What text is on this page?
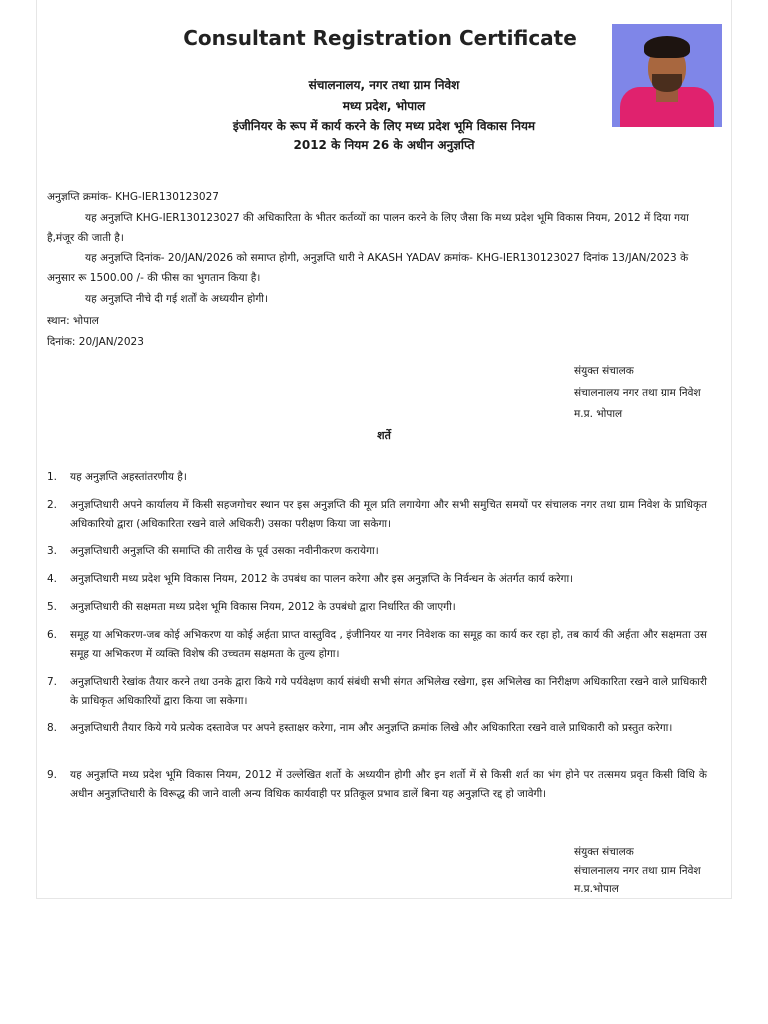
Consultant Registration Certificate
संचालनालय, नगर तथा ग्राम निवेश
मध्य प्रदेश, भोपाल
इंजीनियर के रूप में कार्य करने के लिए मध्य प्रदेश भूमि विकास नियम
2012 के नियम 26 के अधीन अनुज्ञप्ति
अनुज्ञप्ति क्रमांक- KHG-IER130123027
यह अनुज्ञप्ति KHG-IER130123027 की अधिकारिता के भीतर कर्तव्यों का पालन करने के लिए जैसा कि मध्य प्रदेश भूमि विकास नियम, 2012 में दिया गया है,मंजूर की जाती है।
यह अनुज्ञप्ति दिनांक- 20/JAN/2026 को समाप्त होगी, अनुज्ञप्ति धारी ने AKASH YADAV क्रमांक- KHG-IER130123027 दिनांक 13/JAN/2023 के अनुसार रू 1500.00 /- की फीस का भुगतान किया है।
यह अनुज्ञप्ति नीचे दी गई शर्तों के अध्ययीन होगी।
स्थान: भोपाल
दिनांक: 20/JAN/2023
संयुक्त संचालक
संचालनालय नगर तथा ग्राम निवेश
म.प्र. भोपाल
शर्ते
1. यह अनुज्ञप्ति अहस्तांतरणीय है।
2. अनुज्ञप्तिधारी अपने कार्यालय में किसी सहजगोचर स्थान पर इस अनुज्ञप्ति की मूल प्रति लगायेगा और सभी समुचित समयों पर संचालक नगर तथा ग्राम निवेश के प्राधिकृत अधिकारियो द्वारा (अधिकारिता रखने वाले अधिकरी) उसका परीक्षण किया जा सकेगा।
3. अनुज्ञप्तिधारी अनुज्ञप्ति की समाप्ति की तारीख के पूर्व उसका नवीनीकरण करायेगा।
4. अनुज्ञप्तिधारी मध्य प्रदेश भूमि विकास नियम, 2012 के उपबंध का पालन करेगा और इस अनुज्ञप्ति के निर्वन्धन के अंतर्गत कार्य करेगा।
5. अनुज्ञप्तिधारी की सक्षमता मध्य प्रदेश भूमि विकास नियम, 2012 के उपबंधो द्वारा निर्धारित की जाएगी।
6. समूह या अभिकरण-जब कोई अभिकरण या कोई अर्हता प्राप्त वास्तुविद , इंजीनियर या नगर निवेशक का समूह का कार्य कर रहा हो, तब कार्य की अर्हता और सक्षमता उस समूह या अभिकरण में व्यक्ति विशेष की उच्चतम सक्षमता के तुल्य होगा।
7. अनुज्ञप्तिधारी रेखांक तैयार करने तथा उनके द्वारा किये गये पर्यवेक्षण कार्य संबंधी सभी संगत अभिलेख रखेगा, इस अभिलेख का निरीक्षण अधिकारिता रखने वाले प्राधिकारी के प्राधिकृत अधिकारियों द्वारा किया जा सकेगा।
8. अनुज्ञप्तिधारी तैयार किये गये प्रत्येक दस्तावेज पर अपने हस्ताक्षर करेगा, नाम और अनुज्ञप्ति क्रमांक लिखे और अधिकारिता रखने वाले प्राधिकारी को प्रस्तुत करेगा।
9. यह अनुज्ञप्ति मध्य प्रदेश भूमि विकास नियम, 2012 में उल्लेखित शर्तो के अध्ययीन होगी और इन शर्तो में से किसी शर्त का भंग होने पर तत्समय प्रवृत किसी विधि के अधीन अनुज्ञप्तिधारी के विरूद्ध की जाने वाली अन्य विधिक कार्यवाही पर प्रतिकूल प्रभाव डालें बिना यह अनुज्ञप्ति रद्द हो जावेगी।
संयुक्त संचालक
संचालनालय नगर तथा ग्राम निवेश
म.प्र.भोपाल
